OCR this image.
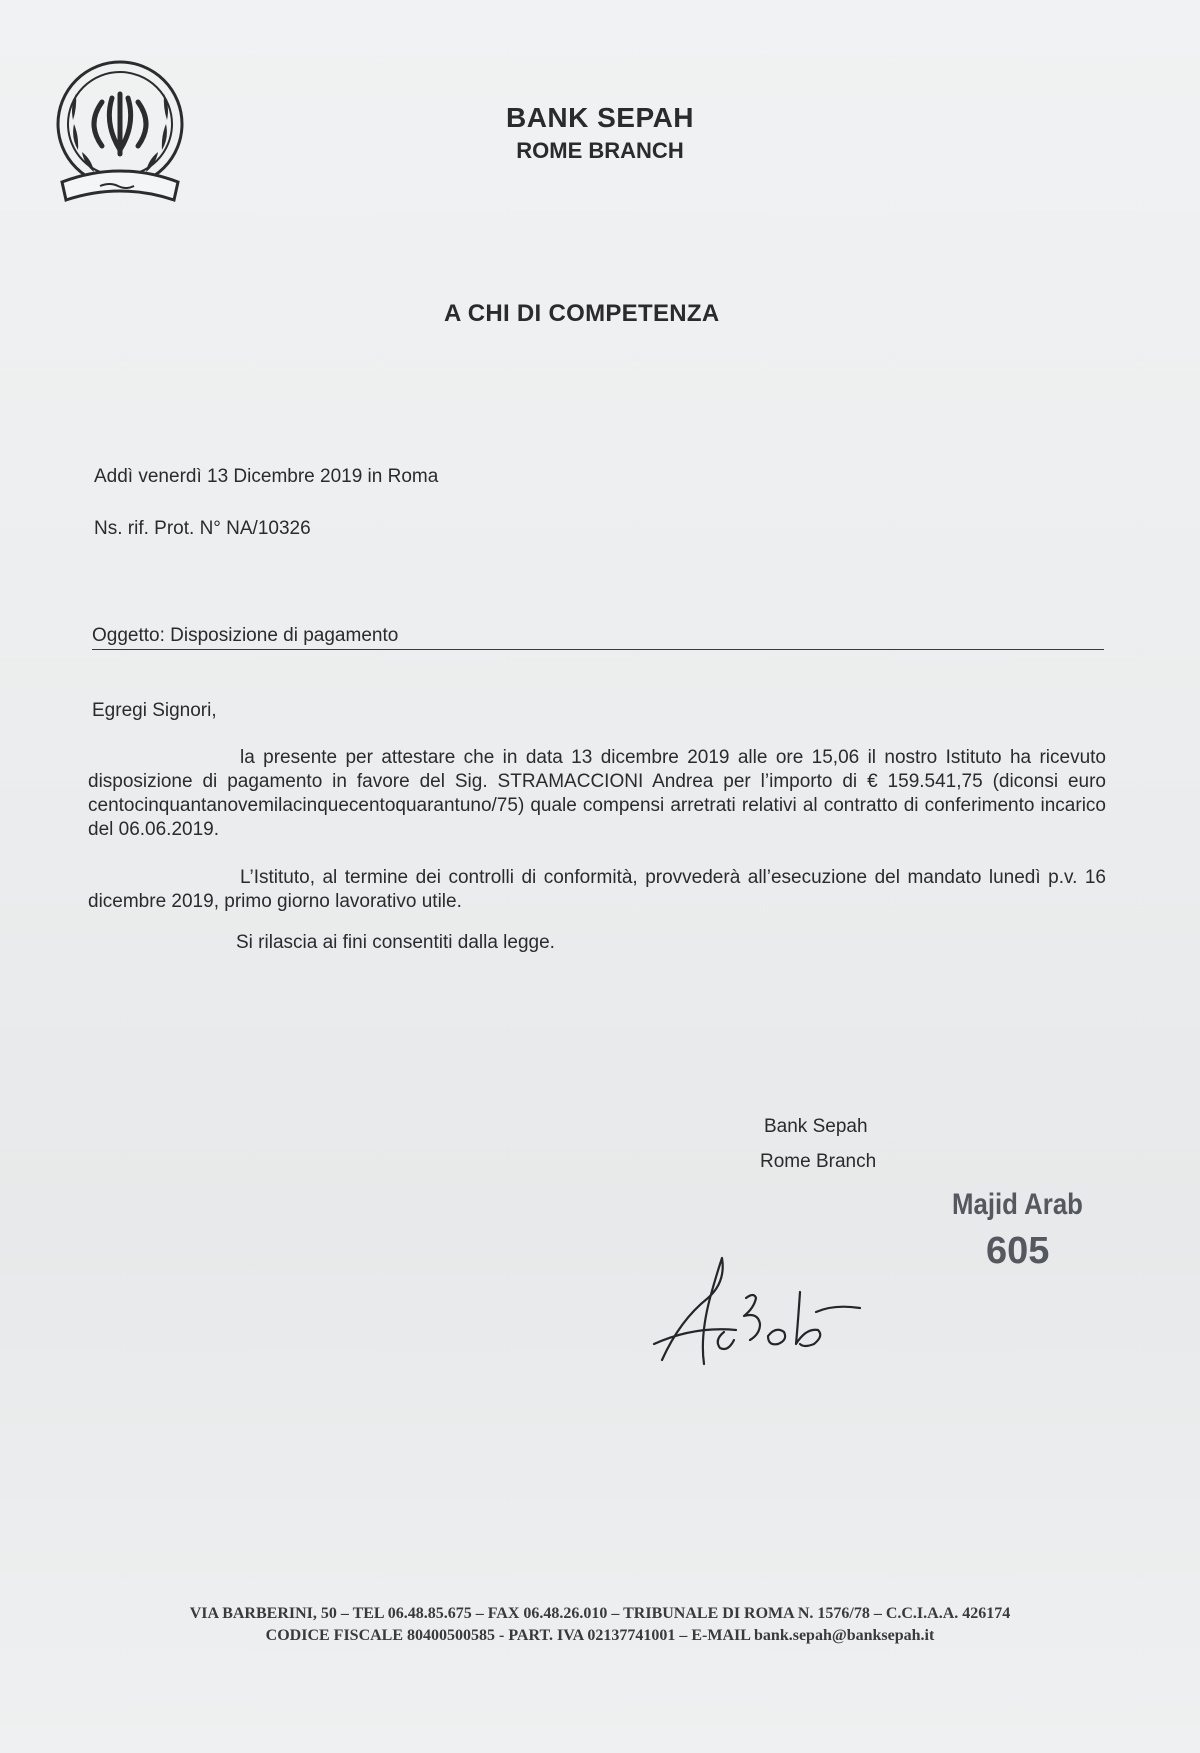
BANK SEPAH
ROME BRANCH
A CHI DI COMPETENZA
Addì venerdì 13 Dicembre 2019 in Roma
Ns. rif. Prot. N° NA/10326
Oggetto: Disposizione di pagamento
Egregi Signori,
la presente per attestare che in data 13 dicembre 2019 alle ore 15,06 il nostro Istituto ha ricevuto disposizione di pagamento in favore del Sig. STRAMACCIONI Andrea per l’importo di € 159.541,75 (diconsi euro centocinquantanovemilacinquecentoquarantuno/75) quale compensi arretrati relativi al contratto di conferimento incarico del 06.06.2019.
L’Istituto, al termine dei controlli di conformità, provvederà all’esecuzione del mandato lunedì p.v. 16 dicembre 2019, primo giorno lavorativo utile.
Si rilascia ai fini consentiti dalla legge.
Bank Sepah
Rome Branch
Majid Arab
605
VIA BARBERINI, 50 – TEL 06.48.85.675 – FAX 06.48.26.010 – TRIBUNALE DI ROMA N. 1576/78 – C.C.I.A.A. 426174
CODICE FISCALE 80400500585 - PART. IVA 02137741001 – E-MAIL bank.sepah@banksepah.it
